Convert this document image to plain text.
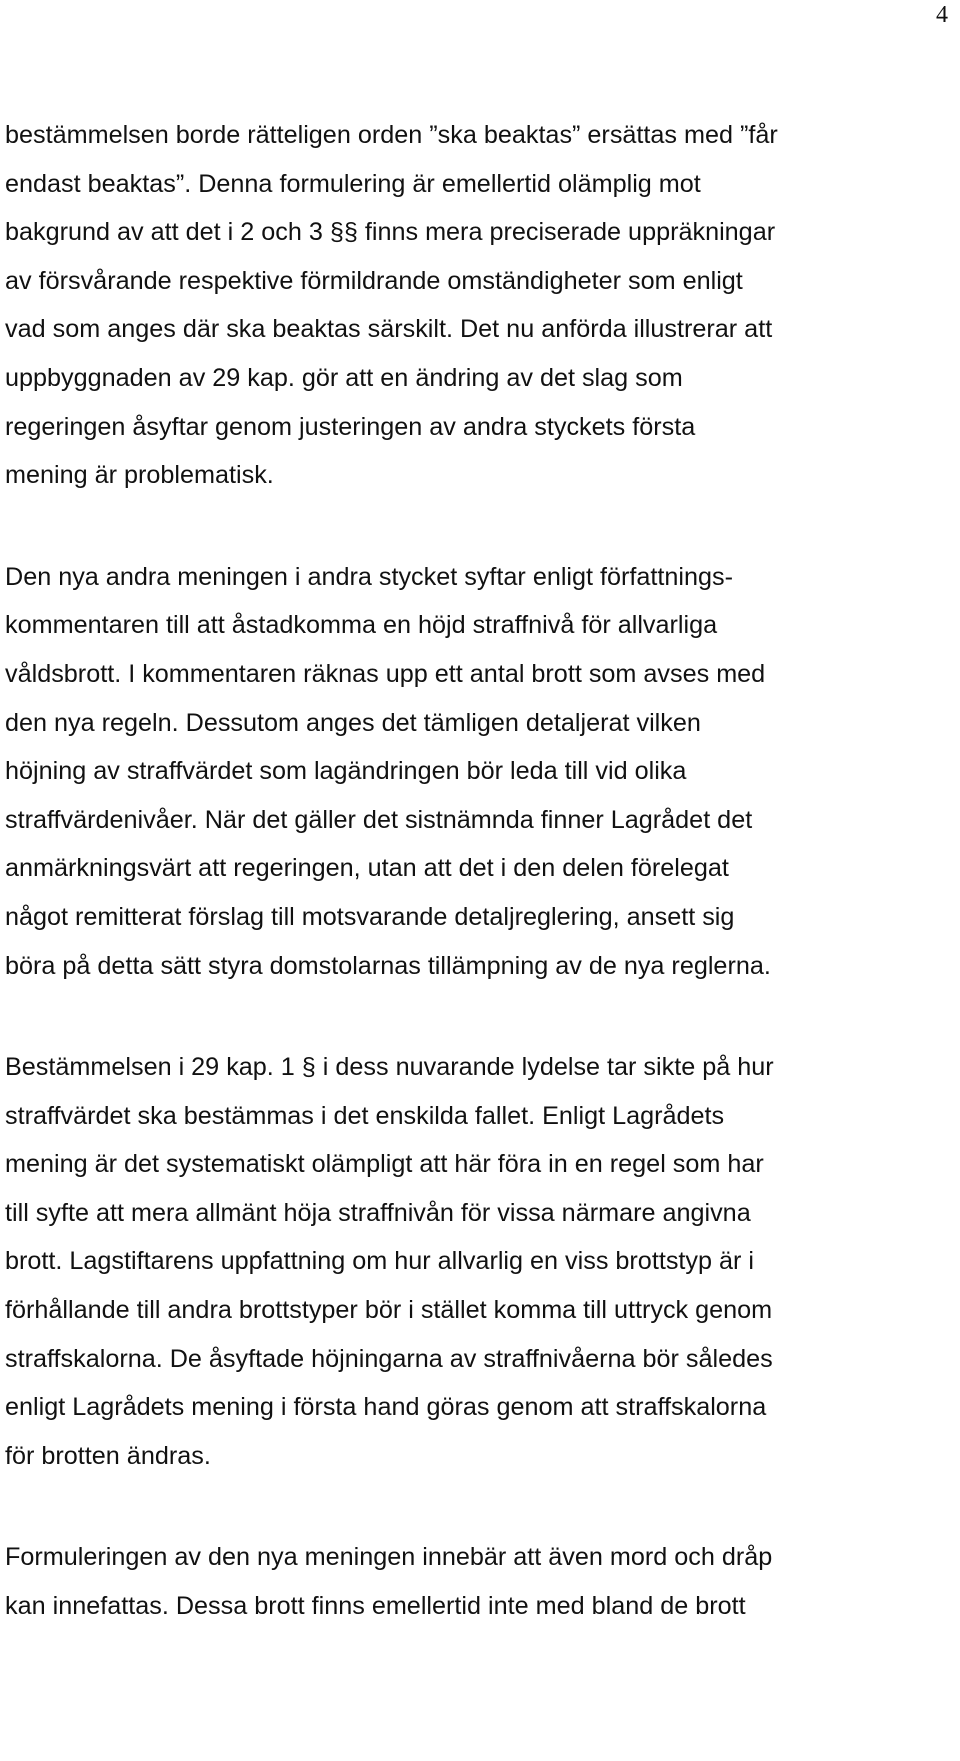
4

bestämmelsen borde rätteligen orden ”ska beaktas” ersättas med ”får
endast beaktas”. Denna formulering är emellertid olämplig mot
bakgrund av att det i 2 och 3 §§ finns mera preciserade uppräkningar
av försvårande respektive förmildrande omständigheter som enligt
vad som anges där ska beaktas särskilt. Det nu anförda illustrerar att
uppbyggnaden av 29 kap. gör att en ändring av det slag som
regeringen åsyftar genom justeringen av andra styckets första
mening är problematisk.

Den nya andra meningen i andra stycket syftar enligt författnings-
kommentaren till att åstadkomma en höjd straffnivå för allvarliga
våldsbrott. I kommentaren räknas upp ett antal brott som avses med
den nya regeln. Dessutom anges det tämligen detaljerat vilken
höjning av straffvärdet som lagändringen bör leda till vid olika
straffvärdenivåer. När det gäller det sistnämnda finner Lagrådet det
anmärkningsvärt att regeringen, utan att det i den delen förelegat
något remitterat förslag till motsvarande detaljreglering, ansett sig
böra på detta sätt styra domstolarnas tillämpning av de nya reglerna.

Bestämmelsen i 29 kap. 1 § i dess nuvarande lydelse tar sikte på hur
straffvärdet ska bestämmas i det enskilda fallet. Enligt Lagrådets
mening är det systematiskt olämpligt att här föra in en regel som har
till syfte att mera allmänt höja straffnivån för vissa närmare angivna
brott. Lagstiftarens uppfattning om hur allvarlig en viss brottstyp är i
förhållande till andra brottstyper bör i stället komma till uttryck genom
straffskalorna. De åsyftade höjningarna av straffnivåerna bör således
enligt Lagrådets mening i första hand göras genom att straffskalorna
för brotten ändras.

Formuleringen av den nya meningen innebär att även mord och dråp
kan innefattas. Dessa brott finns emellertid inte med bland de brott
